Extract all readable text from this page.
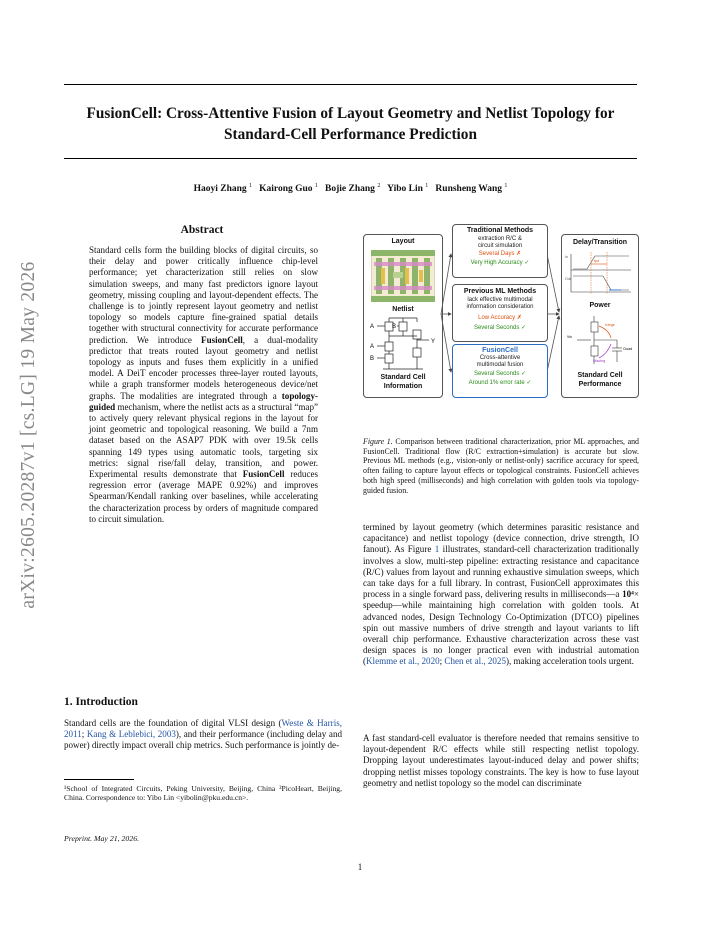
arXiv:2605.20287v1 [cs.LG] 19 May 2026
FusionCell: Cross-Attentive Fusion of Layout Geometry and Netlist Topology for
Standard-Cell Performance Prediction
Haoyi Zhang $^1$ Kairong Guo $^1$ Bojie Zhang $^2$ Yibo Lin $^1$ Runsheng Wang $^1$
Abstract
Standard cells form the building blocks of digital circuits, so their delay and power critically influence chip-level performance; yet characterization still relies on slow simulation sweeps, and many fast predictors ignore layout geometry, missing coupling and layout-dependent effects. The challenge is to jointly represent layout geometry and netlist topology so models capture fine-grained spatial details together with structural connectivity for accurate performance prediction. We introduce FusionCell, a dual-modality predictor that treats routed layout geometry and netlist topology as inputs and fuses them explicitly in a unified model. A DeiT encoder processes three-layer routed layouts, while a graph transformer models heterogeneous device/net graphs. The modalities are integrated through a topology-guided mechanism, where the netlist acts as a structural “map” to actively query relevant physical regions in the layout for joint geometric and topological reasoning. We build a 7nm dataset based on the ASAP7 PDK with over 19.5k cells spanning 149 types using automatic tools, targeting six metrics: signal rise/fall delay, transition, and power. Experimental results demonstrate that FusionCell reduces regression error (average MAPE 0.92%) and improves Spearman/Kendall ranking over baselines, while accelerating the characterization process by orders of magnitude compared to circuit simulation.
1. Introduction
Standard cells are the foundation of digital VLSI design (Weste & Harris, 2011; Kang & Leblebici, 2003), and their performance (including delay and power) directly impact overall chip metrics. Such performance is jointly de-
¹School of Integrated Circuits, Peking University, Beijing, China ²PicoHeart, Beijing, China. Correspondence to: Yibo Lin <yibolin@pku.edu.cn>.
Preprint. May 21, 2026.
1
Layout
Netlist
A	B
A
B
Y
Standard Cell Information
Traditional Methods
extraction R/C &
circuit simulation
Several Days ✗
Very High Accuracy ✓
Previous ML Methods
lack effective multimodal
information consideration
Low Accuracy ✗
Several Seconds ✓
FusionCell
Cross-attentive
multimodal fusion
Several Seconds ✓
Around 1% error rate ✓
Delay/Transition
tpd
In
Out
Power
Vin
Ichrge
Idischrg
Cload
Standard Cell Performance
Figure 1. Comparison between traditional characterization, prior ML approaches, and FusionCell. Traditional flow (R/C extraction+simulation) is accurate but slow. Previous ML methods (e.g., vision-only or netlist-only) sacrifice accuracy for speed, often failing to capture layout effects or topological constraints. FusionCell achieves both high speed (milliseconds) and high correlation with golden tools via topology-guided fusion.
termined by layout geometry (which determines parasitic resistance and capacitance) and netlist topology (device connection, drive strength, IO fanout). As Figure 1 illustrates, standard-cell characterization traditionally involves a slow, multi-step pipeline: extracting resistance and capacitance (R/C) values from layout and running exhaustive simulation sweeps, which can take days for a full library. In contrast, FusionCell approximates this process in a single forward pass, delivering results in milliseconds—a 10⁴× speedup—while maintaining high correlation with golden tools. At advanced nodes, Design Technology Co-Optimization (DTCO) pipelines spin out massive numbers of drive strength and layout variants to lift overall chip performance. Exhaustive characterization across these vast design spaces is no longer practical even with industrial automation (Klemme et al., 2020; Chen et al., 2025), making acceleration tools urgent.
A fast standard-cell evaluator is therefore needed that remains sensitive to layout-dependent R/C effects while still respecting netlist topology. Dropping layout underestimates layout-induced delay and power shifts; dropping netlist misses topology constraints. The key is how to fuse layout geometry and netlist topology so the model can discriminate
